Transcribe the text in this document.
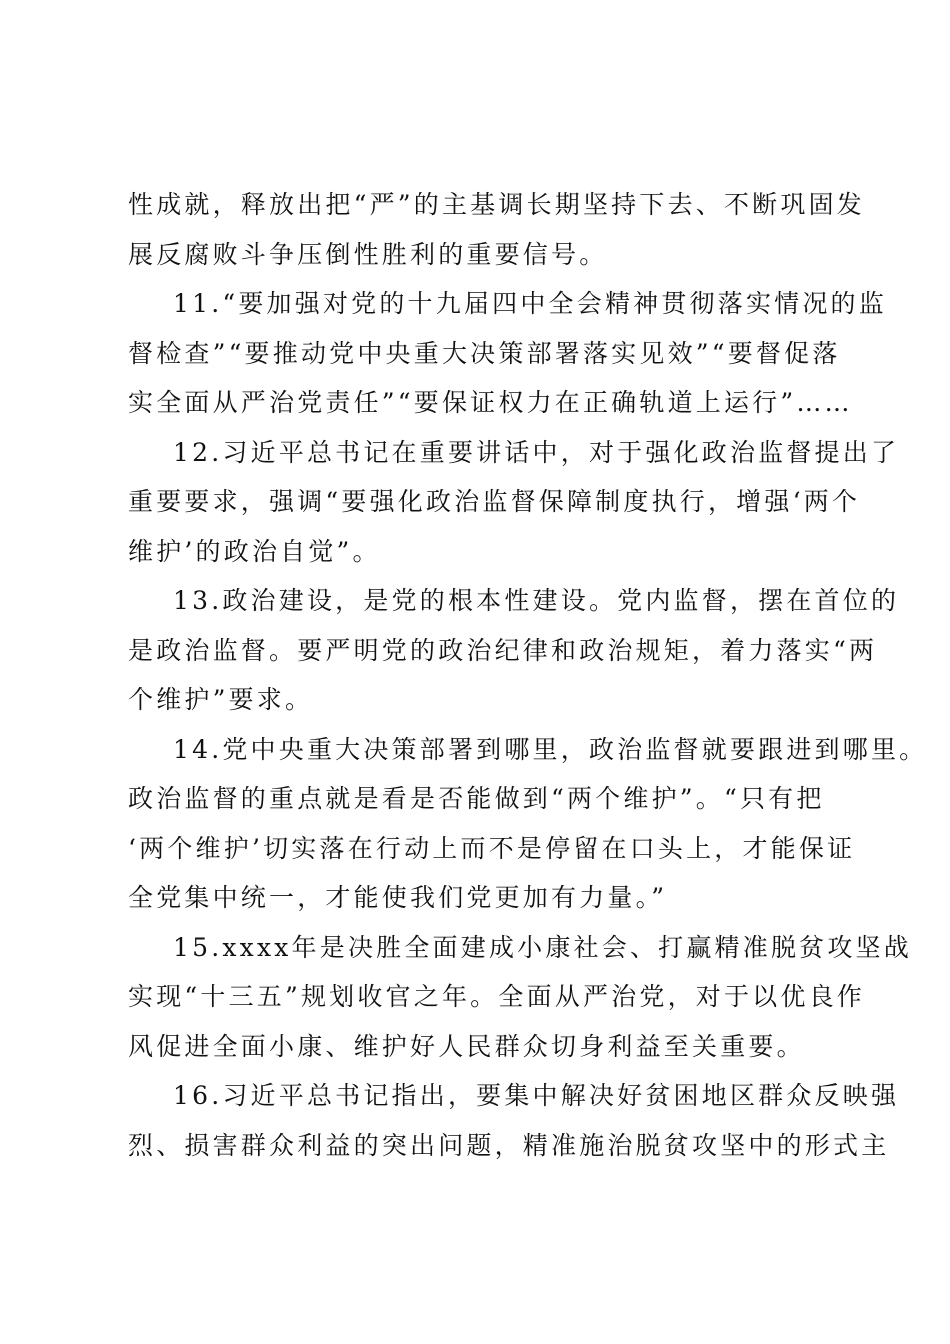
性成就，释放出把“严”的主基调长期坚持下去、不断巩固发
展反腐败斗争压倒性胜利的重要信号。
11.“要加强对党的十九届四中全会精神贯彻落实情况的监
督检查”“要推动党中央重大决策部署落实见效”“要督促落
实全面从严治党责任”“要保证权力在正确轨道上运行”……
12.习近平总书记在重要讲话中，对于强化政治监督提出了
重要要求，强调“要强化政治监督保障制度执行，增强‘两个
维护’的政治自觉”。
13.政治建设，是党的根本性建设。党内监督，摆在首位的
是政治监督。要严明党的政治纪律和政治规矩，着力落实“两
个维护”要求。
14.党中央重大决策部署到哪里，政治监督就要跟进到哪里。
政治监督的重点就是看是否能做到“两个维护”。“只有把
‘两个维护’切实落在行动上而不是停留在口头上，才能保证
全党集中统一，才能使我们党更加有力量。”
15.xxxx年是决胜全面建成小康社会、打赢精准脱贫攻坚战
实现“十三五”规划收官之年。全面从严治党，对于以优良作
风促进全面小康、维护好人民群众切身利益至关重要。
16.习近平总书记指出，要集中解决好贫困地区群众反映强
烈、损害群众利益的突出问题，精准施治脱贫攻坚中的形式主
